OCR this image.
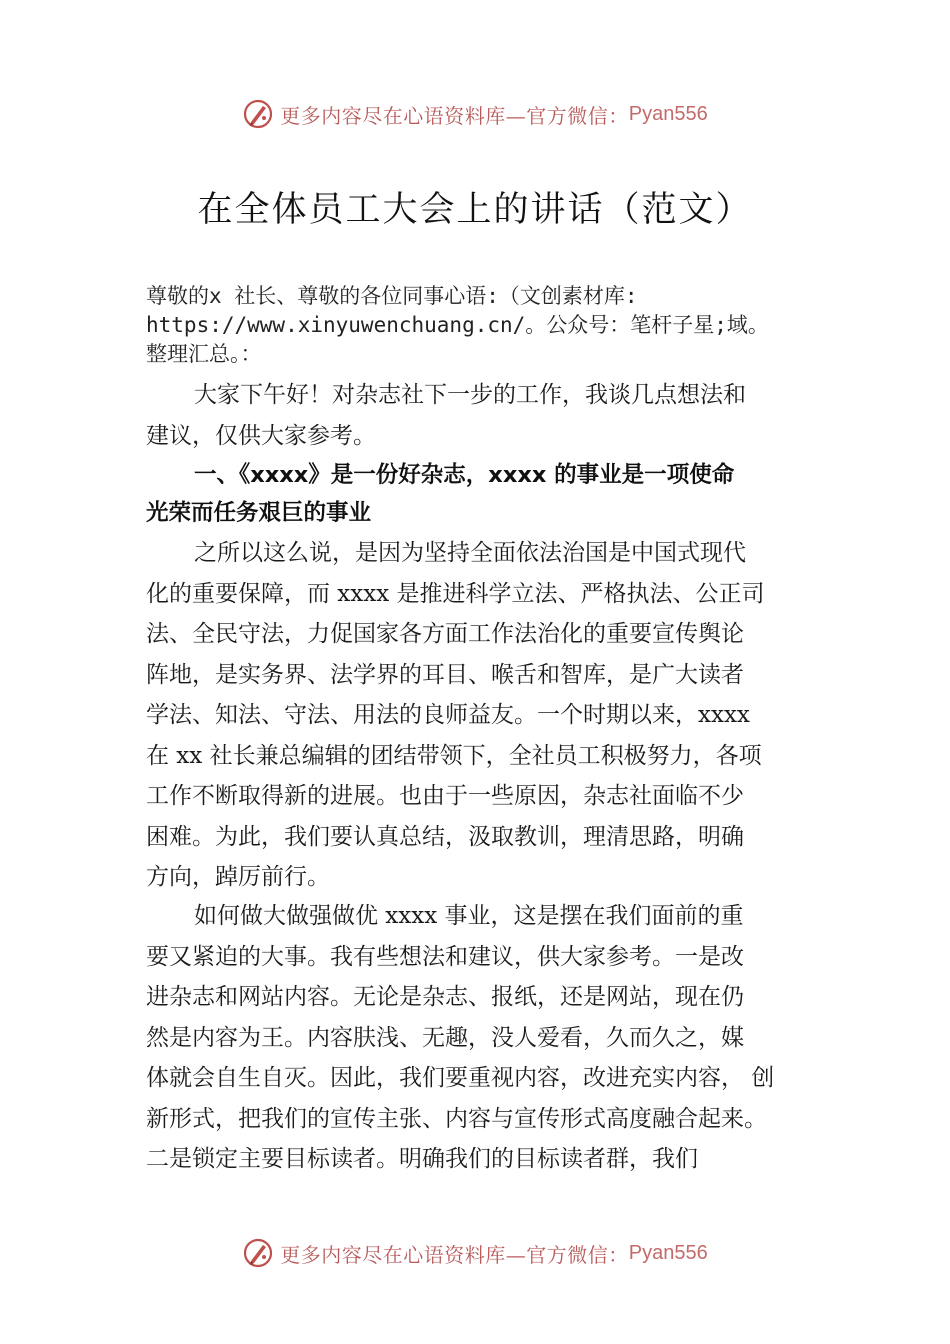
更多内容尽在心语资料库—官方微信： Pyan556
在全体员工大会上的讲话（范文）
尊敬的x 社长、尊敬的各位同事心语:（文创素材库:
https://www.xinyuwenchuang.cn/。公众号：笔杆子星;域。
整理汇总。：
大家下午好！对杂志社下一步的工作，我谈几点想法和
建议，仅供大家参考。
一、《xxxx》是一份好杂志，xxxx 的事业是一项使命
光荣而任务艰巨的事业
之所以这么说，是因为坚持全面依法治国是中国式现代
化的重要保障，而 xxxx 是推进科学立法、严格执法、公正司
法、全民守法，力促国家各方面工作法治化的重要宣传舆论
阵地，是实务界、法学界的耳目、喉舌和智库，是广大读者
学法、知法、守法、用法的良师益友。一个时期以来，xxxx
在 xx 社长兼总编辑的团结带领下，全社员工积极努力，各项
工作不断取得新的进展。也由于一些原因，杂志社面临不少
困难。为此，我们要认真总结，汲取教训，理清思路，明确
方向，踔厉前行。
如何做大做强做优 xxxx 事业，这是摆在我们面前的重
要又紧迫的大事。我有些想法和建议，供大家参考。一是改
进杂志和网站内容。无论是杂志、报纸，还是网站，现在仍
然是内容为王。内容肤浅、无趣，没人爱看，久而久之，媒
体就会自生自灭。因此，我们要重视内容，改进充实内容， 创
新形式，把我们的宣传主张、内容与宣传形式高度融合起来。
二是锁定主要目标读者。明确我们的目标读者群，我们
更多内容尽在心语资料库—官方微信： Pyan556
